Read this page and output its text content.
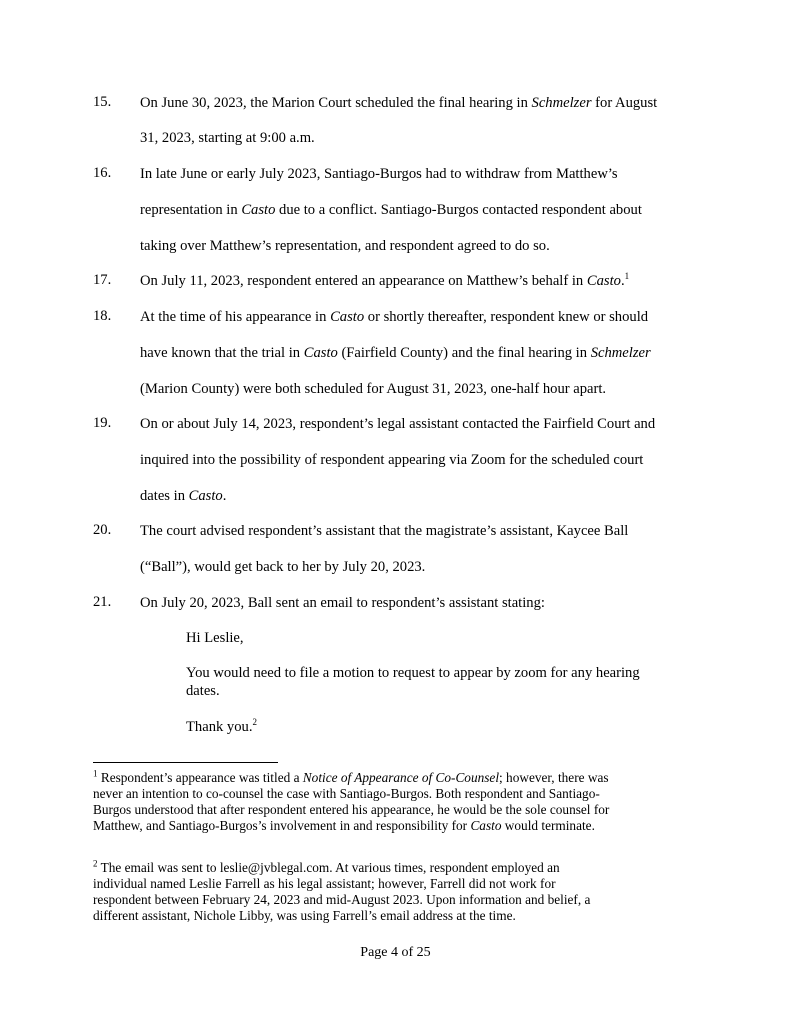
15.	On June 30, 2023, the Marion Court scheduled the final hearing in Schmelzer for August
31, 2023, starting at 9:00 a.m.
16.	In late June or early July 2023, Santiago-Burgos had to withdraw from Matthew’s
representation in Casto due to a conflict. Santiago-Burgos contacted respondent about
taking over Matthew’s representation, and respondent agreed to do so.
17.	On July 11, 2023, respondent entered an appearance on Matthew’s behalf in Casto.$^1$
18.	At the time of his appearance in Casto or shortly thereafter, respondent knew or should
have known that the trial in Casto (Fairfield County) and the final hearing in Schmelzer
(Marion County) were both scheduled for August 31, 2023, one-half hour apart.
19.	On or about July 14, 2023, respondent’s legal assistant contacted the Fairfield Court and
inquired into the possibility of respondent appearing via Zoom for the scheduled court
dates in Casto.
20.	The court advised respondent’s assistant that the magistrate’s assistant, Kaycee Ball
(“Ball”), would get back to her by July 20, 2023.
21.	On July 20, 2023, Ball sent an email to respondent’s assistant stating:
Hi Leslie,
You would need to file a motion to request to appear by zoom for any hearing
dates.
Thank you.$^2$
$^1$ Respondent’s appearance was titled a Notice of Appearance of Co-Counsel; however, there was
never an intention to co-counsel the case with Santiago-Burgos. Both respondent and Santiago-
Burgos understood that after respondent entered his appearance, he would be the sole counsel for
Matthew, and Santiago-Burgos’s involvement in and responsibility for Casto would terminate.
$^2$ The email was sent to leslie@jvblegal.com. At various times, respondent employed an
individual named Leslie Farrell as his legal assistant; however, Farrell did not work for
respondent between February 24, 2023 and mid-August 2023. Upon information and belief, a
different assistant, Nichole Libby, was using Farrell’s email address at the time.
Page 4 of 25
